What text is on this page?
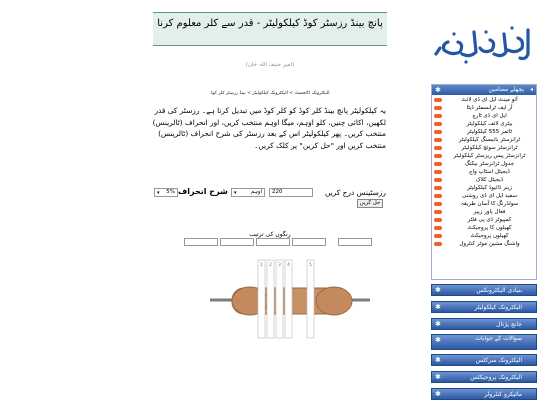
◂
پچھلے مضامین
✱
آئو مینٹ ایل ای ڈی لائٹ
آر ایف ٹرانسمٹر ڈیٹا
ایل ای ڈی ٹارچ
بیٹری لائف کیلکولیٹر
ٹائمر 555 کیلکولیٹر
ٹرانزسٹر بائیسنگ کیلکولیٹر
ٹرانزسٹر سوئچ کیلکولیٹر
ٹرانزسٹر پیس ریزسٹر کیلکولیٹر
جدول ٹرانزسٹر بیکنگ
ڈیجیٹل اسٹاپ واچ
ڈیجیٹل کلاک
زینر ڈائیوڈ کیلکولیٹر
سفید ایل ای ڈی روشنی
سولڈرنگ کا آسان طریقہ
فعال پاور زیپر
کمپیوٹر ڈی پی فلٹر
کھیلوں کا پروجیکٹ
کھیلوں پروجیکٹ
واشنگ مشین موٹر کنٹرول
✱	بنیادی الیکٹرونکس
✱	الیکٹرونک کیلکولیٹر
✱	جانچ پڑتال
✱	سوالات کے جوابات
✱	الیکٹرونک سرکٹس
✱	الیکٹرونک پروجیکٹس
✱	مائیکرو کنٹرولر
پانچ بینڈ رزسٹر کوڈ کیلکولیٹر - قدر سے کلر معلوم کرنا
(امیر حنیف اللہ خان)
الیکٹرونک ڈائجسٹ > الیکٹرونک کیلکولیٹر > بینڈ رزسٹر کلر کوڈ
یہ کیلکولیٹر پانچ بینڈ کلر کوڈ کو کلر کوڈ میں تبدیل کرتا ہے۔ رزسٹر کی قدر لکھیں، اکائی چنیں، کلو اوہم، میگا اوہم منتخب کریں، اور انحراف (ٹالرینس) منتخب کریں۔ پھر کیلکولیٹر اس کے بعد رزسٹر کی شرح انحراف (ٹالرینس) منتخب کریں اور "حل کریں" پر کلک کریں۔
رزسٹینس درج کریں
220
▾	اوہم
شرح انحراف
▾ 5%
حل کریں
رنگوں کی ترتیب
1 2 3 4	5
